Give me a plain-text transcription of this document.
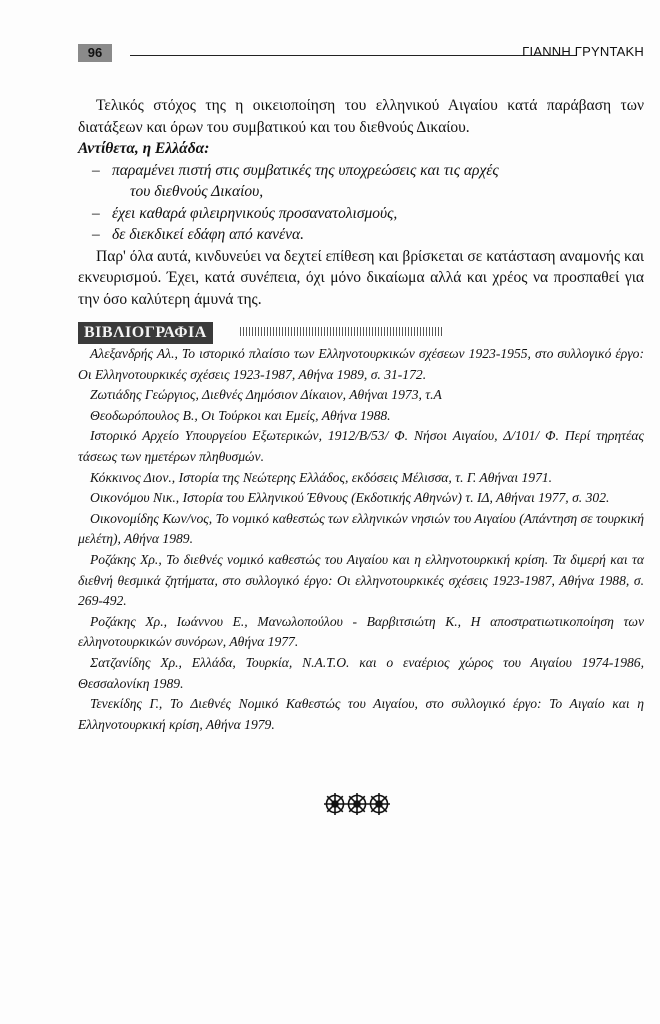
96	ΓΙΑΝΝΗ ΓΡΥΝΤΑΚΗ

Τελικός στόχος της η οικειοποίηση του ελληνικού Αιγαίου κατά παράβαση των διατάξεων και όρων του συμβατικού και του διεθνούς Δικαίου.

Αντίθετα, η Ελλάδα:

– παραμένει πιστή στις συμβατικές της υποχρεώσεις και τις αρχές
του διεθνούς Δικαίου,
– έχει καθαρά φιλειρηνικούς προσανατολισμούς,
– δε διεκδικεί εδάφη από κανένα.

Παρ' όλα αυτά, κινδυνεύει να δεχτεί επίθεση και βρίσκεται σε κατάσταση αναμονής και εκνευρισμού. Έχει, κατά συνέπεια, όχι μόνο δικαίωμα αλλά και χρέος να προσπαθεί για την όσο καλύτερη άμυνά της.

ΒΙΒΛΙΟΓΡΑΦΙΑ

Αλεξανδρής Αλ., Το ιστορικό πλαίσιο των Ελληνοτουρκικών σχέσεων 1923-1955, στο συλλογικό έργο: Οι Ελληνοτουρκικές σχέσεις 1923-1987, Αθήνα 1989, σ. 31-172.

Ζωτιάδης Γεώργιος, Διεθνές Δημόσιον Δίκαιον, Αθήναι 1973, τ.Α

Θεοδωρόπουλος Β., Οι Τούρκοι και Εμείς, Αθήνα 1988.

Ιστορικό Αρχείο Υπουργείου Εξωτερικών, 1912/Β/53/ Φ. Νήσοι Αιγαίου, Δ/101/ Φ. Περί τηρητέας τάσεως των ημετέρων πληθυσμών.

Κόκκινος Διον., Ιστορία της Νεώτερης Ελλάδος, εκδόσεις Μέλισσα, τ. Γ. Αθήναι 1971.

Οικονόμου Νικ., Ιστορία του Ελληνικού Έθνους (Εκδοτικής Αθηνών) τ. ΙΔ, Αθήναι 1977, σ. 302.

Οικονομίδης Κων/νος, Το νομικό καθεστώς των ελληνικών νησιών του Αιγαίου (Απάντηση σε τουρκική μελέτη), Αθήνα 1989.

Ροζάκης Χρ., Το διεθνές νομικό καθεστώς του Αιγαίου και η ελληνοτουρκική κρίση. Τα διμερή και τα διεθνή θεσμικά ζητήματα, στο συλλογικό έργο: Οι ελληνοτουρκικές σχέσεις 1923-1987, Αθήνα 1988, σ. 269-492.

Ροζάκης Χρ., Ιωάννου Ε., Μανωλοπούλου - Βαρβιτσιώτη Κ., Η αποστρατιωτικοποίηση των ελληνοτουρκικών συνόρων, Αθήνα 1977.

Σατζανίδης Χρ., Ελλάδα, Τουρκία, Ν.Α.Τ.Ο. και ο εναέριος χώρος του Αιγαίου 1974-1986, Θεσσαλονίκη 1989.

Τενεκίδης Γ., Το Διεθνές Νομικό Καθεστώς του Αιγαίου, στο συλλογικό έργο: Το Αιγαίο και η Ελληνοτουρκική κρίση, Αθήνα 1979.
